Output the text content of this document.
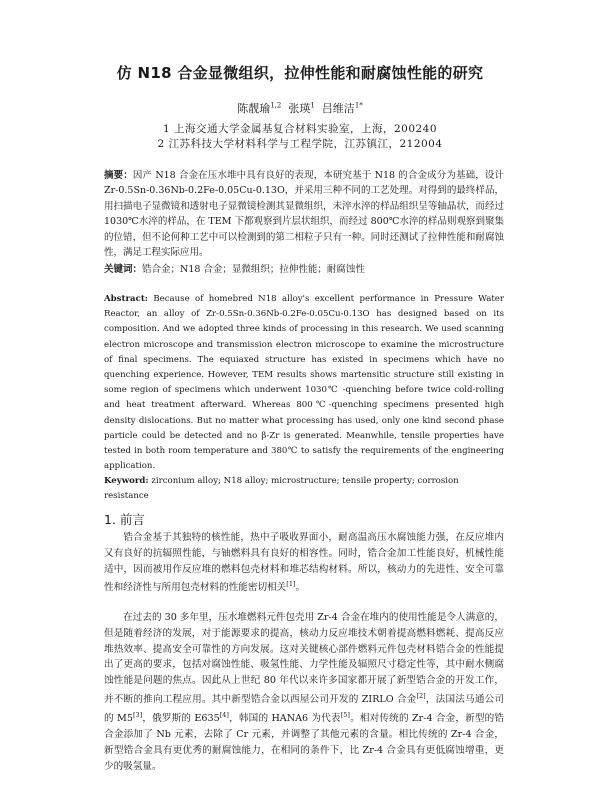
仿 N18 合金显微组织，拉伸性能和耐腐蚀性能的研究
陈靓瑜$^{1,2}$ 张瑛$^1$ 吕维洁$^{1*}$
1 上海交通大学金属基复合材料实验室，上海，200240
2 江苏科技大学材料科学与工程学院，江苏镇江，212004
摘要：因产 N18 合金在压水堆中具有良好的表现，本研究基于 N18 的合金成分为基础，设计 Zr-0.5Sn-0.36Nb-0.2Fe-0.05Cu-0.13O，并采用三种不同的工艺处理。对得到的最终样品，用扫描电子显微镜和透射电子显微镜检测其显微组织，未淬水淬的样品组织呈等轴晶状，而经过 1030℃水淬的样品，在 TEM 下都观察到片层状组织，而经过 800℃水淬的样品则观察到聚集的位错，但不论何种工艺中可以检测到的第二相粒子只有一种。同时还测试了拉伸性能和耐腐蚀性，满足工程实际应用。
关键词：锆合金；N18 合金；显微组织；拉伸性能；耐腐蚀性
Abstract: Because of homebred N18 alloy's excellent performance in Pressure Water Reactor, an alloy of Zr-0.5Sn-0.36Nb-0.2Fe-0.05Cu-0.13O has designed based on its composition. And we adopted three kinds of processing in this research. We used scanning electron microscope and transmission electron microscope to examine the microstructure of final specimens. The equiaxed structure has existed in specimens which have no quenching experience. However, TEM results shows martensitic structure still existing in some region of specimens which underwent 1030℃ -quenching before twice cold-rolling and heat treatment afterward. Whereas 800℃-quenching specimens presented high density dislocations. But no matter what processing has used, only one kind second phase particle could be detected and no β-Zr is generated. Meanwhile, tensile properties have tested in both room temperature and 380℃ to satisfy the requirements of the engineering application.
Keyword: zirconium alloy; N18 alloy; microstructure; tensile property; corrosion resistance
1. 前言
锆合金基于其独特的核性能，热中子吸收界面小，耐高温高压水腐蚀能力强，在反应堆内又有良好的抗辐照性能，与铀燃料具有良好的相容性。同时，锆合金加工性能良好，机械性能适中，因而被用作反应堆的燃料包壳材料和堆芯结构材料。所以，核动力的先进性、安全可靠性和经济性与所用包壳材料的性能密切相关[1]。
在过去的 30 多年里，压水堆燃料元件包壳用 Zr-4 合金在堆内的使用性能是令人满意的，但是随着经济的发展，对于能源要求的提高，核动力反应堆技术朝着提高燃料燃耗、提高反应堆热效率、提高安全可靠性的方向发展。这对关键核心部件燃料元件包壳材料锆合金的性能提出了更高的要求，包括对腐蚀性能、吸氢性能、力学性能及辐照尺寸稳定性等，其中耐水侧腐蚀性能是问题的焦点。因此从上世纪 80 年代以来许多国家都开展了新型锆合金的开发工作，并不断的推向工程应用。其中新型锆合金以西屋公司开发的 ZIRLO 合金[2]，法国法马通公司的 M5[3]，俄罗斯的 E635[4]，韩国的 HANA6 为代表[5]。相对传统的 Zr-4 合金，新型的锆合金添加了 Nb 元素，去除了 Cr 元素，并调整了其他元素的含量。相比传统的 Zr-4 合金，新型锆合金具有更优秀的耐腐蚀能力，在相同的条件下，比 Zr-4 合金具有更低腐蚀增重，更少的吸氢量。
